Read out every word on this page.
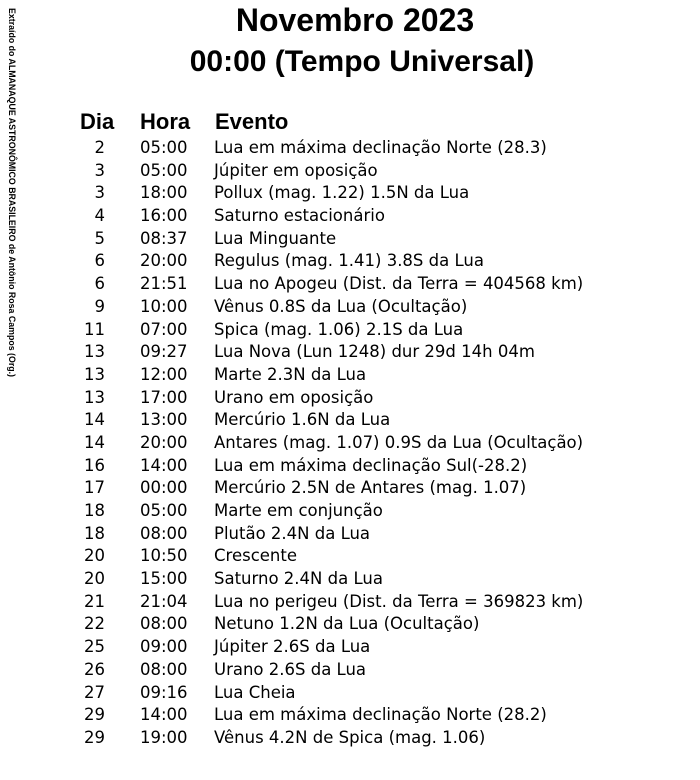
Extraído do ALMANAQUE ASTRONÔMICO BRASILEIRO de Antônio Rosa Campos (Org.)	Novembro 2023
00:00 (Tempo Universal)
Dia Hora Evento
2 05:00 Lua em máxima declinação Norte (28.3)
3 05:00 Júpiter em oposição
3 18:00 Pollux (mag. 1.22) 1.5N da Lua
4 16:00 Saturno estacionário
5 08:37 Lua Minguante
6 20:00 Regulus (mag. 1.41) 3.8S da Lua
6 21:51 Lua no Apogeu (Dist. da Terra = 404568 km)
9 10:00 Vênus 0.8S da Lua (Ocultação)
11 07:00 Spica (mag. 1.06) 2.1S da Lua
13 09:27 Lua Nova (Lun 1248) dur 29d 14h 04m
13 12:00 Marte 2.3N da Lua
13 17:00 Urano em oposição
14 13:00 Mercúrio 1.6N da Lua
14 20:00 Antares (mag. 1.07) 0.9S da Lua (Ocultação)
16 14:00 Lua em máxima declinação Sul(-28.2)
17 00:00 Mercúrio 2.5N de Antares (mag. 1.07)
18 05:00 Marte em conjunção
18 08:00 Plutão 2.4N da Lua
20 10:50 Crescente
20 15:00 Saturno 2.4N da Lua
21 21:04 Lua no perigeu (Dist. da Terra = 369823 km)
22 08:00 Netuno 1.2N da Lua (Ocultação)
25 09:00 Júpiter 2.6S da Lua
26 08:00 Urano 2.6S da Lua
27 09:16 Lua Cheia
29 14:00 Lua em máxima declinação Norte (28.2)
29 19:00 Vênus 4.2N de Spica (mag. 1.06)
